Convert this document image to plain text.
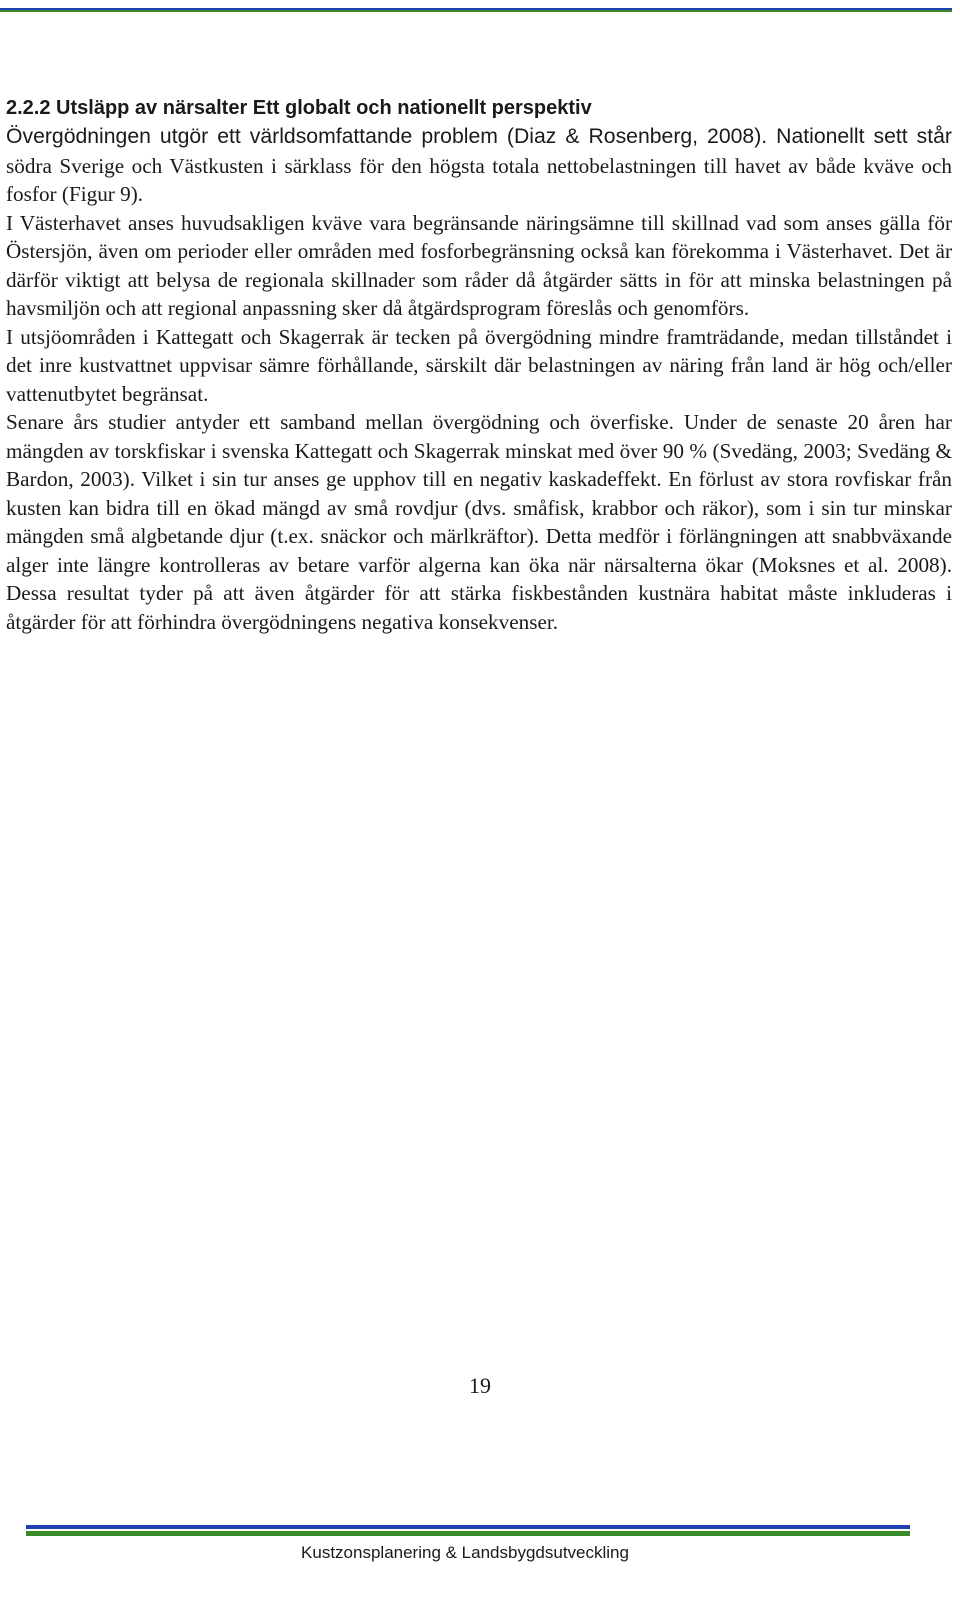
2.2.2 Utsläpp av närsalter Ett globalt och nationellt perspektiv

Övergödningen utgör ett världsomfattande problem (Diaz & Rosenberg, 2008). Nationellt sett står södra Sverige och Västkusten i särklass för den högsta totala nettobelastningen till havet av både kväve och fosfor (Figur 9).

I Västerhavet anses huvudsakligen kväve vara begränsande näringsämne till skillnad vad som anses gälla för Östersjön, även om perioder eller områden med fosforbegränsning också kan förekomma i Västerhavet. Det är därför viktigt att belysa de regionala skillnader som råder då åtgärder sätts in för att minska belastningen på havsmiljön och att regional anpassning sker då åtgärdsprogram föreslås och genomförs.

I utsjöområden i Kattegatt och Skagerrak är tecken på övergödning mindre framträdande, medan tillståndet i det inre kustvattnet uppvisar sämre förhållande, särskilt där belastningen av näring från land är hög och/eller vattenutbytet begränsat.

Senare års studier antyder ett samband mellan övergödning och överfiske. Under de senaste 20 åren har mängden av torskfiskar i svenska Kattegatt och Skagerrak minskat med över 90 % (Svedäng, 2003; Svedäng & Bardon, 2003). Vilket i sin tur anses ge upphov till en negativ kaskadeffekt. En förlust av stora rovfiskar från kusten kan bidra till en ökad mängd av små rovdjur (dvs. småfisk, krabbor och räkor), som i sin tur minskar mängden små algbetande djur (t.ex. snäckor och märlkräftor). Detta medför i förlängningen att snabbväxande alger inte längre kontrolleras av betare varför algerna kan öka när närsalterna ökar (Moksnes et al. 2008). Dessa resultat tyder på att även åtgärder för att stärka fiskbestånden kustnära habitat måste inkluderas i åtgärder för att förhindra övergödningens negativa konsekvenser.

19
Kustzonsplanering & Landsbygdsutveckling
